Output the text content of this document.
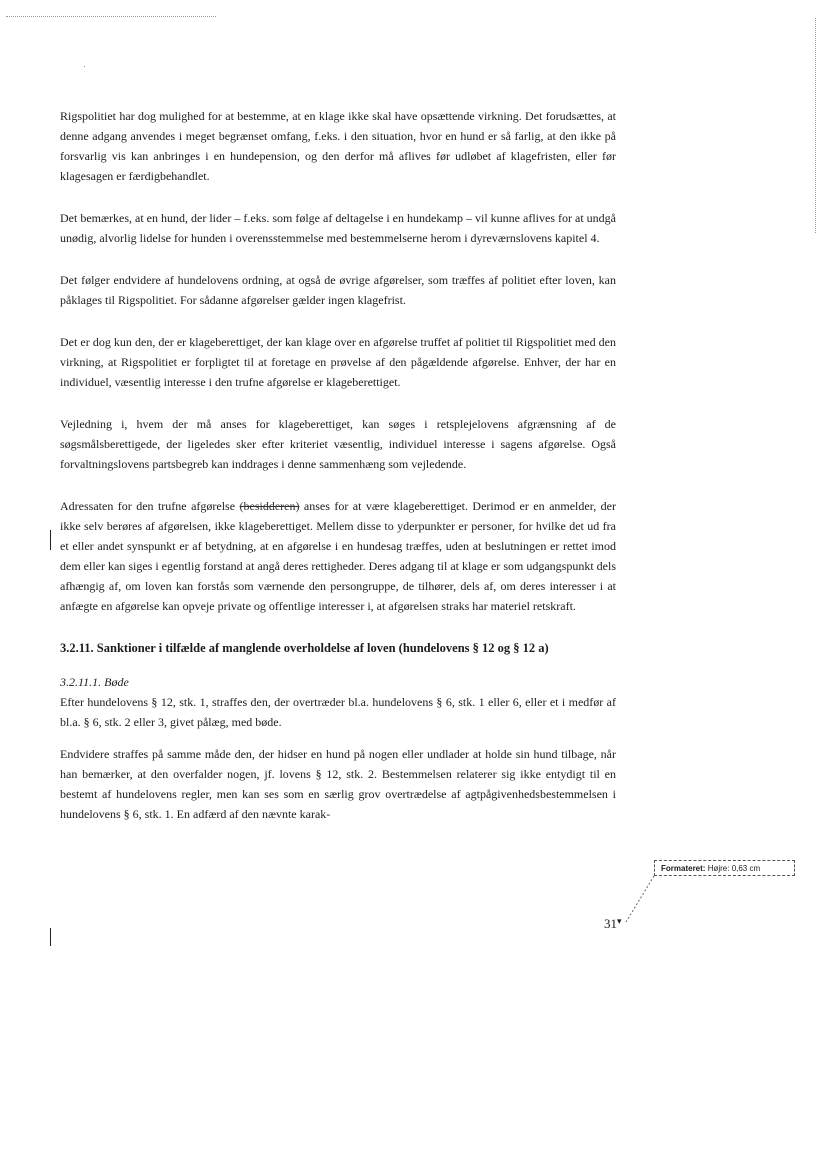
Rigspolitiet har dog mulighed for at bestemme, at en klage ikke skal have opsættende virkning. Det forudsættes, at denne adgang anvendes i meget begrænset omfang, f.eks. i den situation, hvor en hund er så farlig, at den ikke på forsvarlig vis kan anbringes i en hundepension, og den derfor må aflives før udløbet af klagefristen, eller før klagesagen er færdigbehandlet.

Det bemærkes, at en hund, der lider – f.eks. som følge af deltagelse i en hundekamp – vil kunne aflives for at undgå unødig, alvorlig lidelse for hunden i overensstemmelse med bestemmelserne herom i dyreværnslovens kapitel 4.

Det følger endvidere af hundelovens ordning, at også de øvrige afgørelser, som træffes af politiet efter loven, kan påklages til Rigspolitiet. For sådanne afgørelser gælder ingen klagefrist.

Det er dog kun den, der er klageberettiget, der kan klage over en afgørelse truffet af politiet til Rigspolitiet med den virkning, at Rigspolitiet er forpligtet til at foretage en prøvelse af den pågældende afgørelse. Enhver, der har en individuel, væsentlig interesse i den trufne afgørelse er klageberettiget.

Vejledning i, hvem der må anses for klageberettiget, kan søges i retsplejelovens afgrænsning af de søgsmålsberettigede, der ligeledes sker efter kriteriet væsentlig, individuel interesse i sagens afgørelse. Også forvaltningslovens partsbegreb kan inddrages i denne sammenhæng som vejledende.

Adressaten for den trufne afgørelse (besidderen) anses for at være klageberettiget. Derimod er en anmelder, der ikke selv berøres af afgørelsen, ikke klageberettiget. Mellem disse to yderpunkter er personer, for hvilke det ud fra et eller andet synspunkt er af betydning, at en afgørelse i en hundesag træffes, uden at beslutningen er rettet imod dem eller kan siges i egentlig forstand at angå deres rettigheder. Deres adgang til at klage er som udgangspunkt dels afhængig af, om loven kan forstås som værnende den persongruppe, de tilhører, dels af, om deres interesser i at anfægte en afgørelse kan opveje private og offentlige interesser i, at afgørelsen straks har materiel retskraft.

3.2.11. Sanktioner i tilfælde af manglende overholdelse af loven (hundelovens § 12 og § 12 a)

3.2.11.1. Bøde
Efter hundelovens § 12, stk. 1, straffes den, der overtræder bl.a. hundelovens § 6, stk. 1 eller 6, eller et i medfør af bl.a. § 6, stk. 2 eller 3, givet pålæg, med bøde.

Endvidere straffes på samme måde den, der hidser en hund på nogen eller undlader at holde sin hund tilbage, når han bemærker, at den overfalder nogen, jf. lovens § 12, stk. 2. Bestemmelsen relaterer sig ikke entydigt til en bestemt af hundelovens regler, men kan ses som en særlig grov overtrædelse af agtpågivenhedsbestemmelsen i hundelovens § 6, stk. 1. En adfærd af den nævnte karak-

Formateret: Højre: 0,63 cm
31▾
